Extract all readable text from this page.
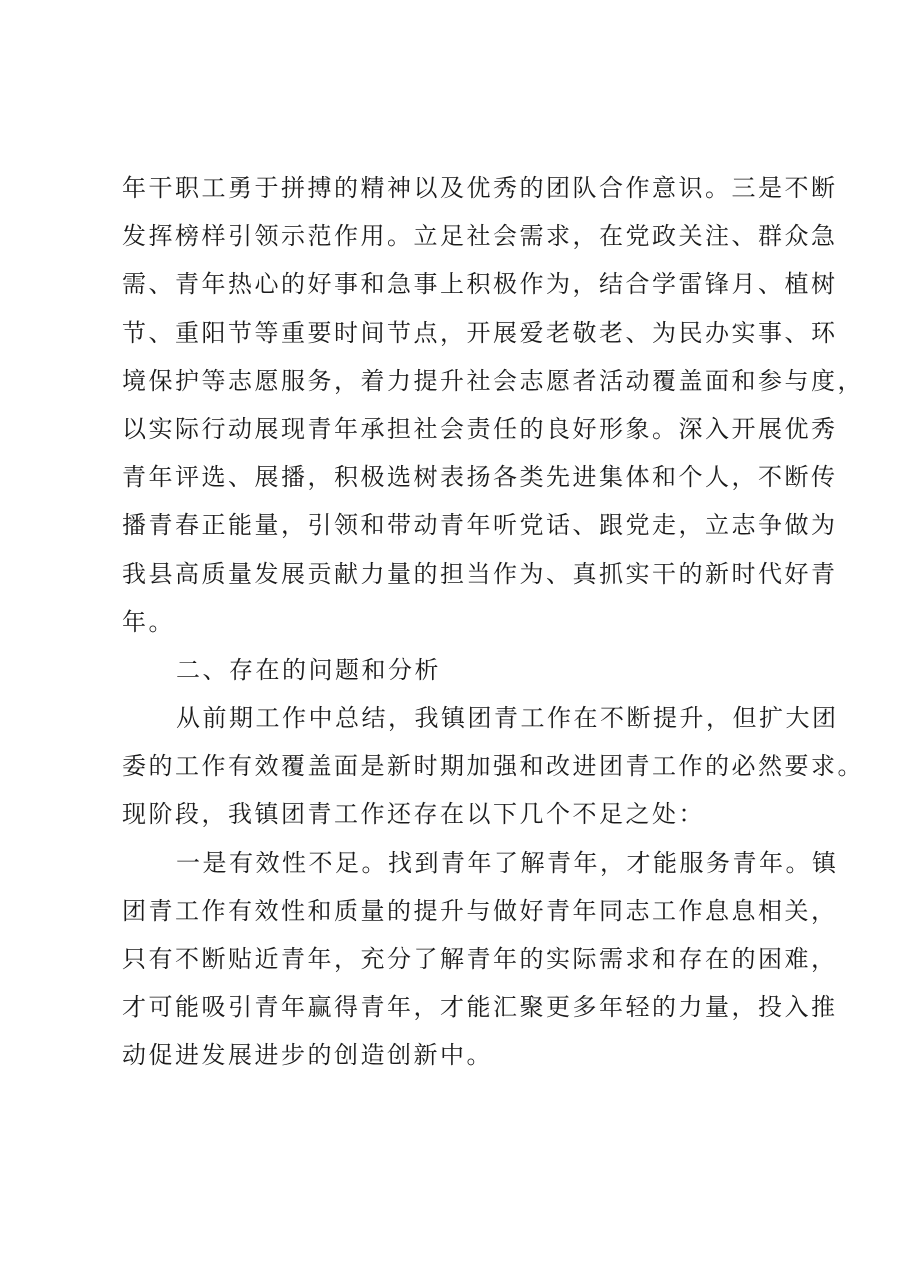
年干职工勇于拼搏的精神以及优秀的团队合作意识。三是不断
发挥榜样引领示范作用。立足社会需求，在党政关注、群众急
需、青年热心的好事和急事上积极作为，结合学雷锋月、植树
节、重阳节等重要时间节点，开展爱老敬老、为民办实事、环
境保护等志愿服务，着力提升社会志愿者活动覆盖面和参与度，
以实际行动展现青年承担社会责任的良好形象。深入开展优秀
青年评选、展播，积极选树表扬各类先进集体和个人，不断传
播青春正能量，引领和带动青年听党话、跟党走，立志争做为
我县高质量发展贡献力量的担当作为、真抓实干的新时代好青
年。
二、存在的问题和分析
从前期工作中总结，我镇团青工作在不断提升，但扩大团
委的工作有效覆盖面是新时期加强和改进团青工作的必然要求。
现阶段，我镇团青工作还存在以下几个不足之处：
一是有效性不足。找到青年了解青年，才能服务青年。镇
团青工作有效性和质量的提升与做好青年同志工作息息相关，
只有不断贴近青年，充分了解青年的实际需求和存在的困难，
才可能吸引青年赢得青年，才能汇聚更多年轻的力量，投入推
动促进发展进步的创造创新中。
